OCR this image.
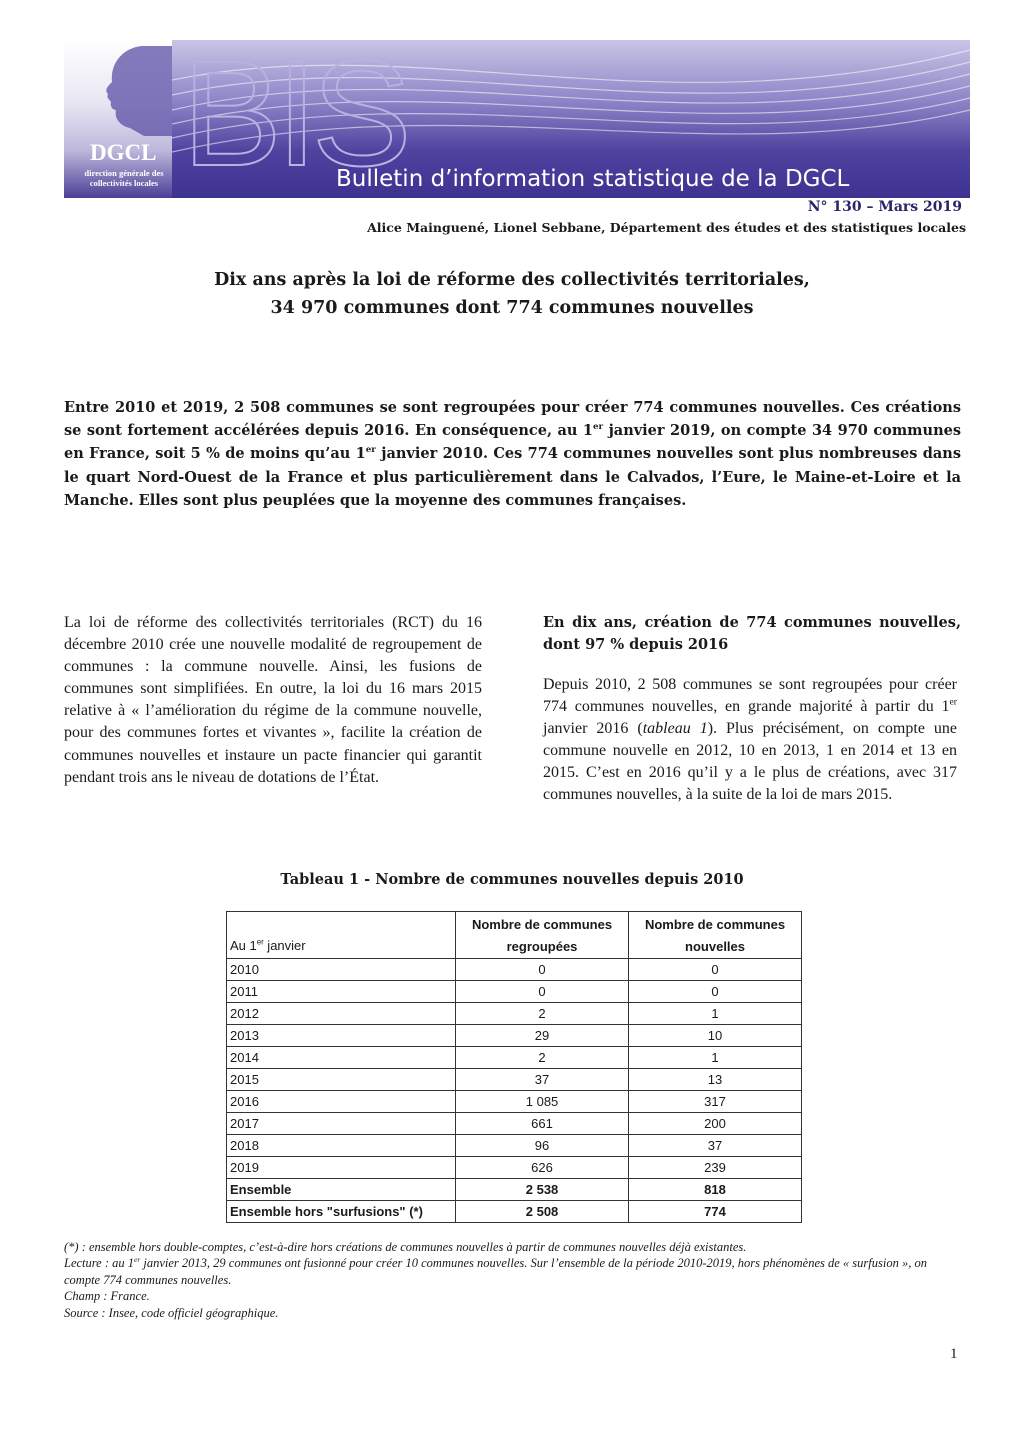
BIS
DGCL
direction générale des collectivités locales	Bulletin d’information statistique de la DGCL
N° 130 – Mars 2019
Alice Mainguené, Lionel Sebbane, Département des études et des statistiques locales
Dix ans après la loi de réforme des collectivités territoriales,
34 970 communes dont 774 communes nouvelles

Entre 2010 et 2019, 2 508 communes se sont regroupées pour créer 774 communes nouvelles. Ces créations se sont fortement accélérées depuis 2016. En conséquence, au 1er janvier 2019, on compte 34 970 communes en France, soit 5 % de moins qu’au 1er janvier 2010. Ces 774 communes nouvelles sont plus nombreuses dans le quart Nord-Ouest de la France et plus particulièrement dans le Calvados, l’Eure, le Maine-et-Loire et la Manche. Elles sont plus peuplées que la moyenne des communes françaises.

La loi de réforme des collectivités territoriales (RCT) du 16 décembre 2010 crée une nouvelle modalité de regroupement de communes : la commune nouvelle. Ainsi, les fusions de communes sont simplifiées. En outre, la loi du 16 mars 2015 relative à « l’amélioration du régime de la commune nouvelle, pour des communes fortes et vivantes », facilite la création de communes nouvelles et instaure un pacte financier qui garantit pendant trois ans le niveau de dotations de l’État.

En dix ans, création de 774 communes nouvelles, dont 97 % depuis 2016

Depuis 2010, 2 508 communes se sont regroupées pour créer 774 communes nouvelles, en grande majorité à partir du 1er janvier 2016 (tableau 1). Plus précisément, on compte une commune nouvelle en 2012, 10 en 2013, 1 en 2014 et 13 en 2015. C’est en 2016 qu’il y a le plus de créations, avec 317 communes nouvelles, à la suite de la loi de mars 2015.

Tableau 1 - Nombre de communes nouvelles depuis 2010
Au 1er janvier	Nombre de communes regroupées	Nombre de communes nouvelles
2010	0	0
2011	0	0
2012	2	1
2013	29	10
2014	2	1
2015	37	13
2016	1 085	317
2017	661	200
2018	96	37
2019	626	239
Ensemble	2 538	818
Ensemble hors "surfusions" (*)	2 508	774
(*) : ensemble hors double-comptes, c’est-à-dire hors créations de communes nouvelles à partir de communes nouvelles déjà existantes.
Lecture : au 1er janvier 2013, 29 communes ont fusionné pour créer 10 communes nouvelles. Sur l’ensemble de la période 2010-2019, hors phénomènes de « surfusion », on compte 774 communes nouvelles.
Champ : France.
Source : Insee, code officiel géographique.
1
